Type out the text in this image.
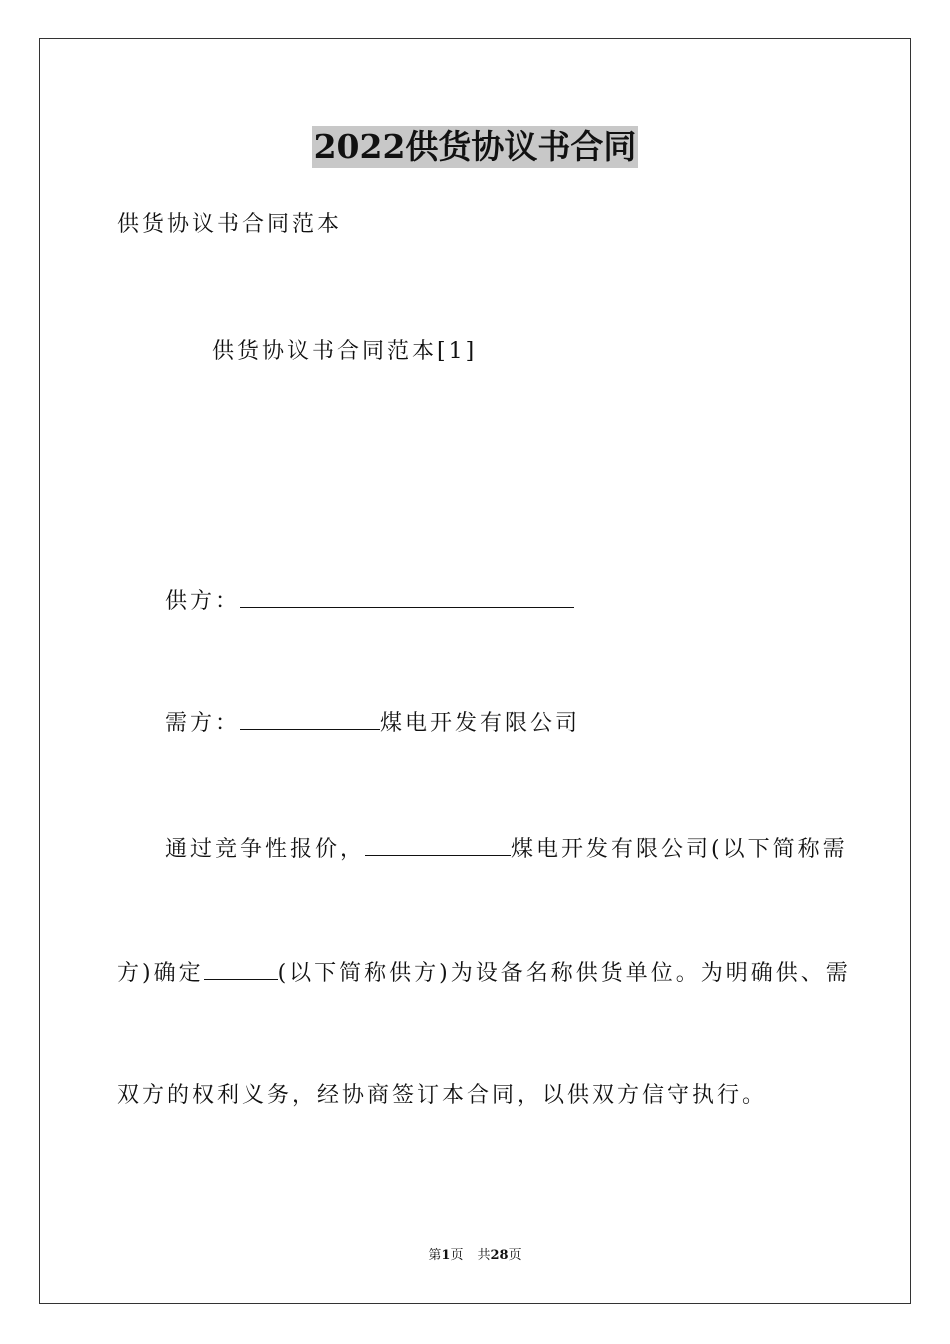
2022供货协议书合同
供货协议书合同范本
供货协议书合同范本[1]
供方：
需方：	煤电开发有限公司
通过竞争性报价，	煤电开发有限公司(以下简称需
方)确定	(以下简称供方)为设备名称供货单位。为明确供、需
双方的权利义务，经协商签订本合同，以供双方信守执行。
第1页 共28页
